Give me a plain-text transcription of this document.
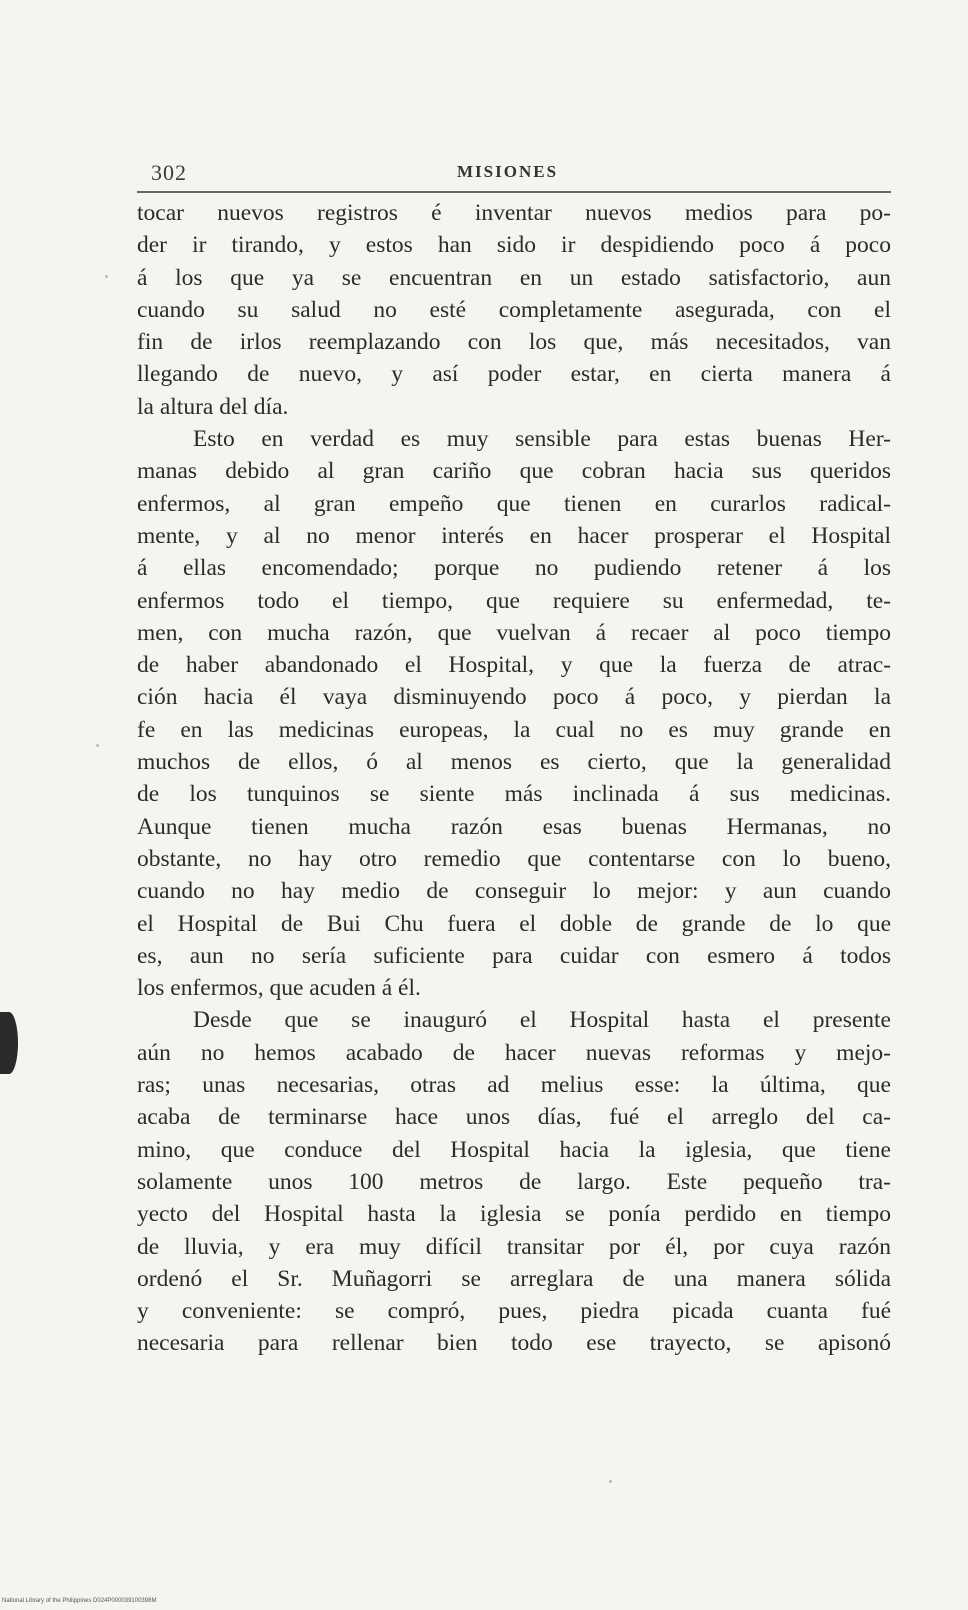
302	MISIONES
tocar nuevos registros é inventar nuevos medios para po-
der ir tirando, y estos han sido ir despidiendo poco á poco
á los que ya se encuentran en un estado satisfactorio, aun
cuando su salud no esté completamente asegurada, con el
fin de irlos reemplazando con los que, más necesitados, van
llegando de nuevo, y así poder estar, en cierta manera á
la altura del día.
Esto en verdad es muy sensible para estas buenas Her-
manas debido al gran cariño que cobran hacia sus queridos
enfermos, al gran empeño que tienen en curarlos radical-
mente, y al no menor interés en hacer prosperar el Hospital
á ellas encomendado; porque no pudiendo retener á los
enfermos todo el tiempo, que requiere su enfermedad, te-
men, con mucha razón, que vuelvan á recaer al poco tiempo
de haber abandonado el Hospital, y que la fuerza de atrac-
ción hacia él vaya disminuyendo poco á poco, y pierdan la
fe en las medicinas europeas, la cual no es muy grande en
muchos de ellos, ó al menos es cierto, que la generalidad
de los tunquinos se siente más inclinada á sus medicinas.
Aunque tienen mucha razón esas buenas Hermanas, no
obstante, no hay otro remedio que contentarse con lo bueno,
cuando no hay medio de conseguir lo mejor: y aun cuando
el Hospital de Bui Chu fuera el doble de grande de lo que
es, aun no sería suficiente para cuidar con esmero á todos
los enfermos, que acuden á él.
Desde que se inauguró el Hospital hasta el presente
aún no hemos acabado de hacer nuevas reformas y mejo-
ras; unas necesarias, otras ad melius esse: la última, que
acaba de terminarse hace unos días, fué el arreglo del ca-
mino, que conduce del Hospital hacia la iglesia, que tiene
solamente unos 100 metros de largo. Este pequeño tra-
yecto del Hospital hasta la iglesia se ponía perdido en tiempo
de lluvia, y era muy difícil transitar por él, por cuya razón
ordenó el Sr. Muñagorri se arreglara de una manera sólida
y conveniente: se compró, pues, piedra picada cuanta fué
necesaria para rellenar bien todo ese trayecto, se apisonó
National Library of the Philippines D024P000039100398M
